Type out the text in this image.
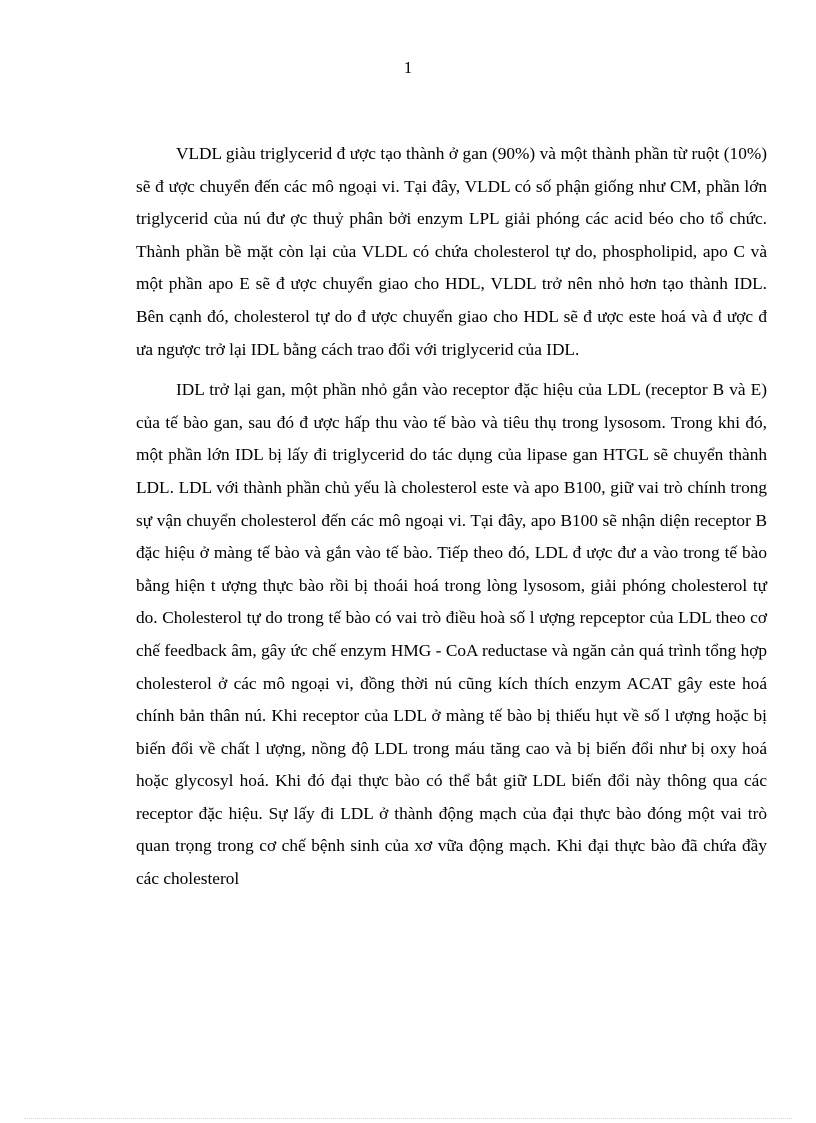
1

VLDL giàu triglycerid đ ược tạo thành ở gan (90%) và một thành phần từ ruột (10%) sẽ đ ược chuyển đến các mô ngoại vi. Tại đây, VLDL có số phận giống như CM, phần lớn triglycerid của nú đư ợc thuỷ phân bởi enzym LPL giải phóng các acid béo cho tổ chức. Thành phần bề mặt còn lại của VLDL có chứa cholesterol tự do, phospholipid, apo C và một phần apo E sẽ đ ược chuyển giao cho HDL, VLDL trở nên nhỏ hơn tạo thành IDL. Bên cạnh đó, cholesterol tự do đ ược chuyển giao cho HDL sẽ đ ược este hoá và đ ược đ ưa ngược trở lại IDL bằng cách trao đổi với triglycerid của IDL.

IDL trở lại gan, một phần nhỏ gắn vào receptor đặc hiệu của LDL (receptor B và E) của tế bào gan, sau đó đ ược hấp thu vào tế bào và tiêu thụ trong lysosom. Trong khi đó, một phần lớn IDL bị lấy đi triglycerid do tác dụng của lipase gan HTGL sẽ chuyển thành LDL. LDL với thành phần chủ yếu là cholesterol este và apo B100, giữ vai trò chính trong sự vận chuyển cholesterol đến các mô ngoại vi. Tại đây, apo B100 sẽ nhận diện receptor B đặc hiệu ở màng tế bào và gắn vào tế bào. Tiếp theo đó, LDL đ ược đư a vào trong tế bào bằng hiện t ượng thực bào rồi bị thoái hoá trong lòng lysosom, giải phóng cholesterol tự do. Cholesterol tự do trong tế bào có vai trò điều hoà số l ượng repceptor của LDL theo cơ chế feedback âm, gây ức chế enzym HMG - CoA reductase và ngăn cản quá trình tổng hợp cholesterol ở các mô ngoại vi, đồng thời nú cũng kích thích enzym ACAT gây este hoá chính bản thân nú. Khi receptor của LDL ở màng tế bào bị thiếu hụt về số l ượng hoặc bị biến đổi về chất l ượng, nồng độ LDL trong máu tăng cao và bị biến đổi như bị oxy hoá hoặc glycosyl hoá. Khi đó đại thực bào có thể bắt giữ LDL biến đổi này thông qua các receptor đặc hiệu. Sự lấy đi LDL ở thành động mạch của đại thực bào đóng một vai trò quan trọng trong cơ chế bệnh sinh của xơ vữa động mạch. Khi đại thực bào đã chứa đầy các cholesterol
